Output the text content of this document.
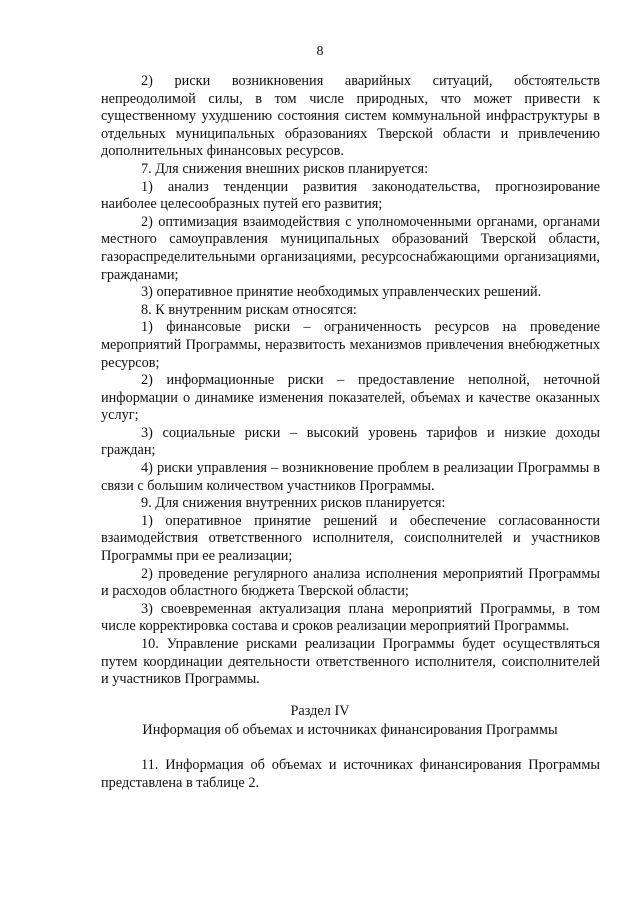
8

2) риски возникновения аварийных ситуаций, обстоятельств непреодолимой силы, в том числе природных, что может привести к существенному ухудшению состояния систем коммунальной инфраструктуры в отдельных муниципальных образованиях Тверской области и привлечению дополнительных финансовых ресурсов.

7. Для снижения внешних рисков планируется:

1) анализ тенденции развития законодательства, прогнозирование наиболее целесообразных путей его развития;

2) оптимизация взаимодействия с уполномоченными органами, органами местного самоуправления муниципальных образований Тверской области, газораспределительными организациями, ресурсоснабжающими организациями, гражданами;

3) оперативное принятие необходимых управленческих решений.

8. К внутренним рискам относятся:

1) финансовые риски – ограниченность ресурсов на проведение мероприятий Программы, неразвитость механизмов привлечения внебюджетных ресурсов;

2) информационные риски – предоставление неполной, неточной информации о динамике изменения показателей, объемах и качестве оказанных услуг;

3) социальные риски – высокий уровень тарифов и низкие доходы граждан;

4) риски управления – возникновение проблем в реализации Программы в связи с большим количеством участников Программы.

9. Для снижения внутренних рисков планируется:

1) оперативное принятие решений и обеспечение согласованности взаимодействия ответственного исполнителя, соисполнителей и участников Программы при ее реализации;

2) проведение регулярного анализа исполнения мероприятий Программы и расходов областного бюджета Тверской области;

3) своевременная актуализация плана мероприятий Программы, в том числе корректировка состава и сроков реализации мероприятий Программы.

10. Управление рисками реализации Программы будет осуществляться путем координации деятельности ответственного исполнителя, соисполнителей и участников Программы.

Раздел IV

Информация об объемах и источниках финансирования Программы

11. Информация об объемах и источниках финансирования Программы представлена в таблице 2.
